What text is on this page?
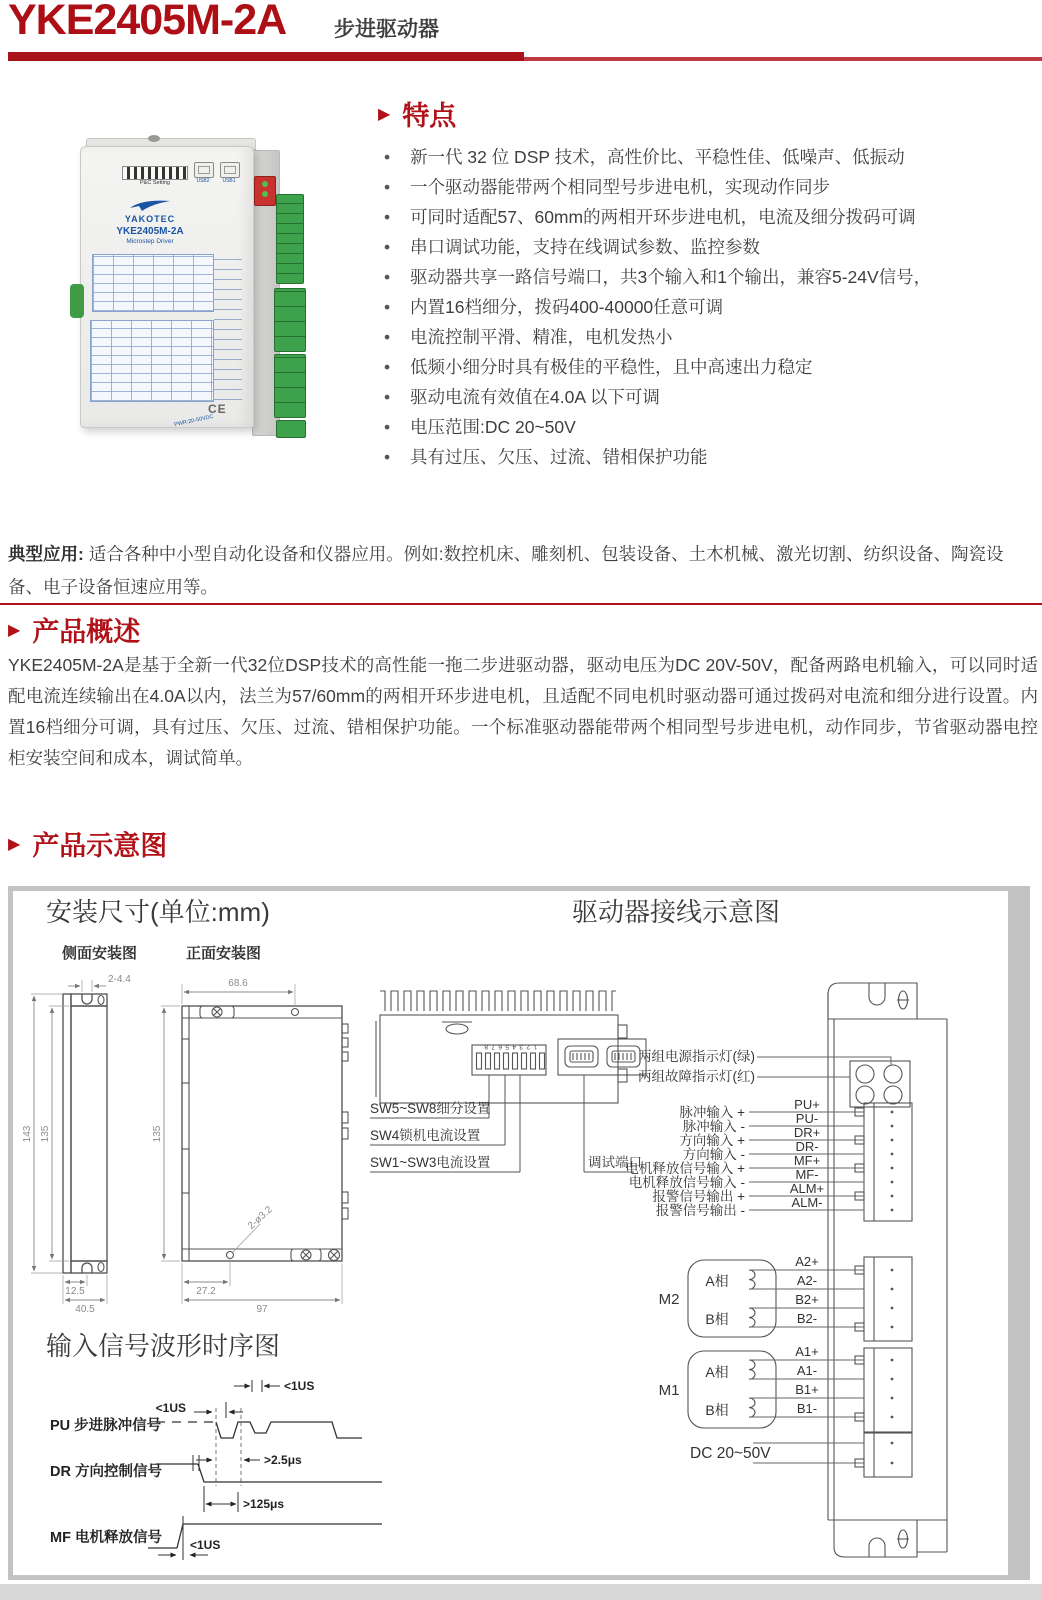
YKE2405M-2A 步进驱动器
P&C Setting	USB2	USB1
YAKOTEC
YKE2405M-2A
Microstep Driver
CE
PWR:20-50VDC
▶ 特点
• 新一代 32 位 DSP 技术，高性价比、平稳性佳、低噪声、低振动
• 一个驱动器能带两个相同型号步进电机，实现动作同步
• 可同时适配57、60mm的两相开环步进电机，电流及细分拨码可调
• 串口调试功能，支持在线调试参数、监控参数
• 驱动器共享一路信号端口，共3个输入和1个输出，兼容5-24V信号，
• 内置16档细分，拨码400-40000任意可调
• 电流控制平滑、精准，电机发热小
• 低频小细分时具有极佳的平稳性，且中高速出力稳定
• 驱动电流有效值在4.0A 以下可调
• 电压范围:DC 20~50V
• 具有过压、欠压、过流、错相保护功能

典型应用: 适合各种中小型自动化设备和仪器应用。例如:数控机床、雕刻机、包装设备、土木机械、激光切割、纺织设备、陶瓷设备、电子设备恒速应用等。

▶ 产品概述

YKE2405M-2A是基于全新一代32位DSP技术的高性能一拖二步进驱动器，驱动电压为DC 20V-50V，配备两路电机输入，可以同时适配电流连续输出在4.0A以内，法兰为57/60mm的两相开环步进电机，且适配不同电机时驱动器可通过拨码对电流和细分进行设置。内置16档细分可调，具有过压、欠压、过流、错相保护功能。一个标准驱动器能带两个相同型号步进电机，动作同步，节省驱动器电控柜安装空间和成本，调试简单。

▶ 产品示意图
安装尺寸(单位:mm)	驱动器接线示意图
侧面安装图	正面安装图
143 135
2-4.4
12.5
40.5
68.6
135
2-ø3.2
27.2
97
12345678
SW5~SW8细分设置
SW4锁机电流设置
SW1~SW3电流设置	调试端口
两组电源指示灯(绿)
两组故障指示灯(红)
脉冲输入 +
PU+
脉冲输入 -
PU-
方向输入 +
DR+
方向输入 -
DR-
电机释放信号输入 +
MF+
电机释放信号输入 -
MF-
报警信号输出 +
ALM+
报警信号输出 -
ALM-
A相
B相
M2
A2+
A2-
B2+
B2-
A相
B相
M1
A1+
A1-
B1+
B1-
DC 20~50V
输入信号波形时序图
PU 步进脉冲信号
DR 方向控制信号
MF 电机释放信号
<1US
<1US
>2.5μs
>125μs
<1US
